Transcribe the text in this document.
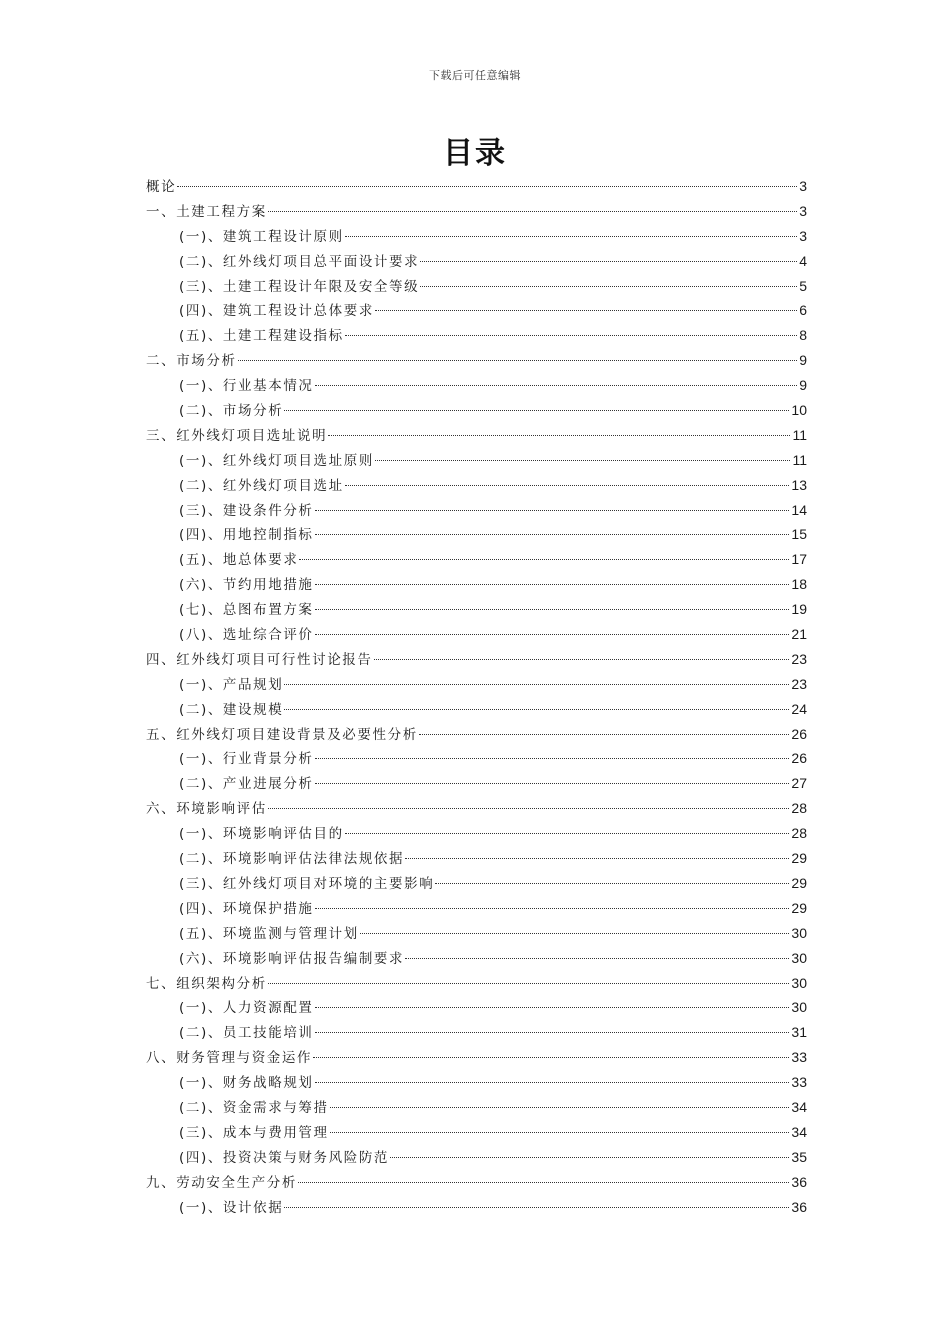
下载后可任意编辑
目录
概论	3
一、土建工程方案	3
(一)、建筑工程设计原则	3
(二)、红外线灯项目总平面设计要求	4
(三)、土建工程设计年限及安全等级	5
(四)、建筑工程设计总体要求	6
(五)、土建工程建设指标	8
二、市场分析	9
(一)、行业基本情况	9
(二)、市场分析	10
三、红外线灯项目选址说明	11
(一)、红外线灯项目选址原则	11
(二)、红外线灯项目选址	13
(三)、建设条件分析	14
(四)、用地控制指标	15
(五)、地总体要求	17
(六)、节约用地措施	18
(七)、总图布置方案	19
(八)、选址综合评价	21
四、红外线灯项目可行性讨论报告	23
(一)、产品规划	23
(二)、建设规模	24
五、红外线灯项目建设背景及必要性分析	26
(一)、行业背景分析	26
(二)、产业进展分析	27
六、环境影响评估	28
(一)、环境影响评估目的	28
(二)、环境影响评估法律法规依据	29
(三)、红外线灯项目对环境的主要影响	29
(四)、环境保护措施	29
(五)、环境监测与管理计划	30
(六)、环境影响评估报告编制要求	30
七、组织架构分析	30
(一)、人力资源配置	30
(二)、员工技能培训	31
八、财务管理与资金运作	33
(一)、财务战略规划	33
(二)、资金需求与筹措	34
(三)、成本与费用管理	34
(四)、投资决策与财务风险防范	35
九、劳动安全生产分析	36
(一)、设计依据	36
